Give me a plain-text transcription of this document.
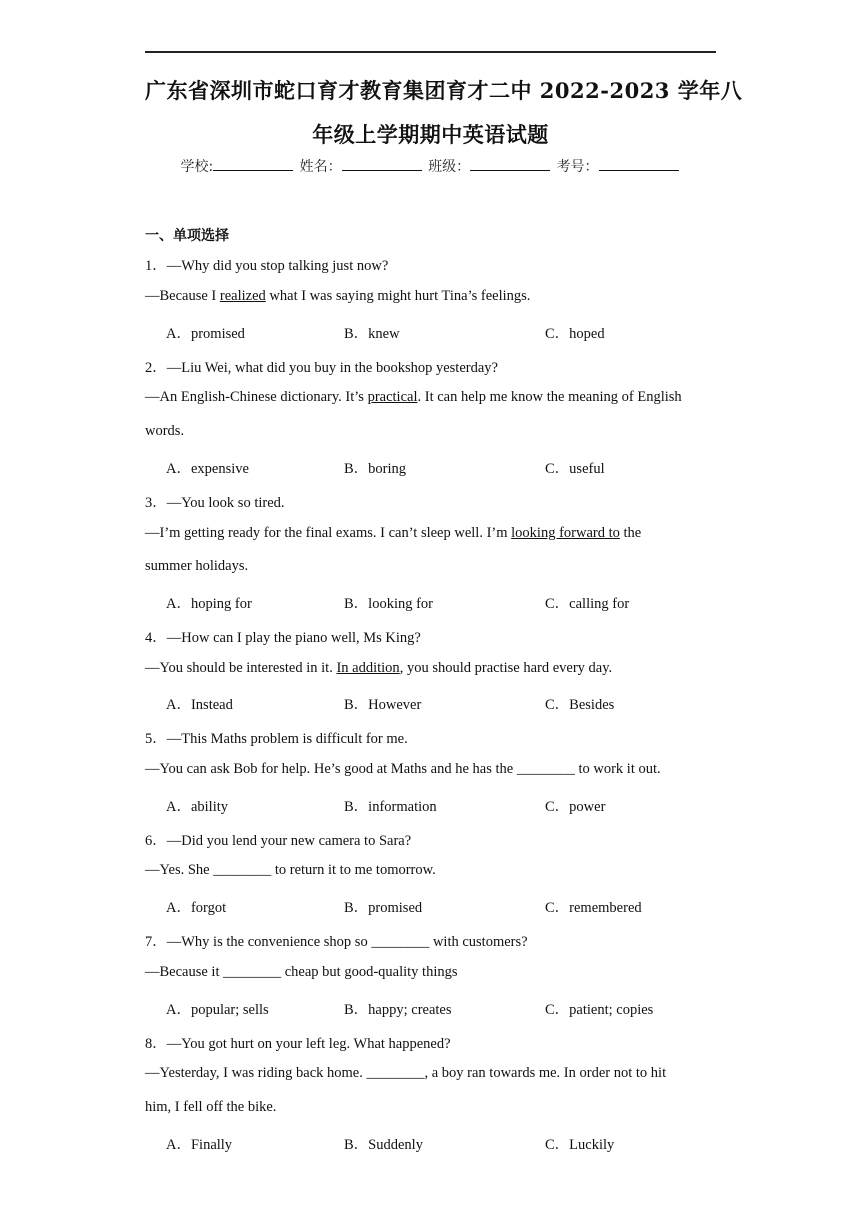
广东省深圳市蛇口育才教育集团育才二中 2022-2023 学年八
年级上学期期中英语试题
学校:	姓名：	班级：	考号：
一、单项选择
1．—Why did you stop talking just now?
—Because I realized what I was saying might hurt Tina’s feelings.
A．promised	B．knew	C．hoped
2．—Liu Wei, what did you buy in the bookshop yesterday?
—An English-Chinese dictionary. It’s practical. It can help me know the meaning of English
words.
A．expensive	B．boring	C．useful
3．—You look so tired.
—I’m getting ready for the final exams. I can’t sleep well. I’m looking forward to the
summer holidays.
A．hoping for	B．looking for	C．calling for
4．—How can I play the piano well, Ms King?
—You should be interested in it. In addition, you should practise hard every day.
A．Instead	B．However	C．Besides
5．—This Maths problem is difficult for me.
—You can ask Bob for help. He’s good at Maths and he has the ________ to work it out.
A．ability	B．information	C．power
6．—Did you lend your new camera to Sara?
—Yes. She ________ to return it to me tomorrow.
A．forgot	B．promised	C．remembered
7．—Why is the convenience shop so ________ with customers?
—Because it ________ cheap but good-quality things
A．popular; sells	B．happy; creates	C．patient; copies
8．—You got hurt on your left leg. What happened?
—Yesterday, I was riding back home. ________, a boy ran towards me. In order not to hit
him, I fell off the bike.
A．Finally	B．Suddenly	C．Luckily
